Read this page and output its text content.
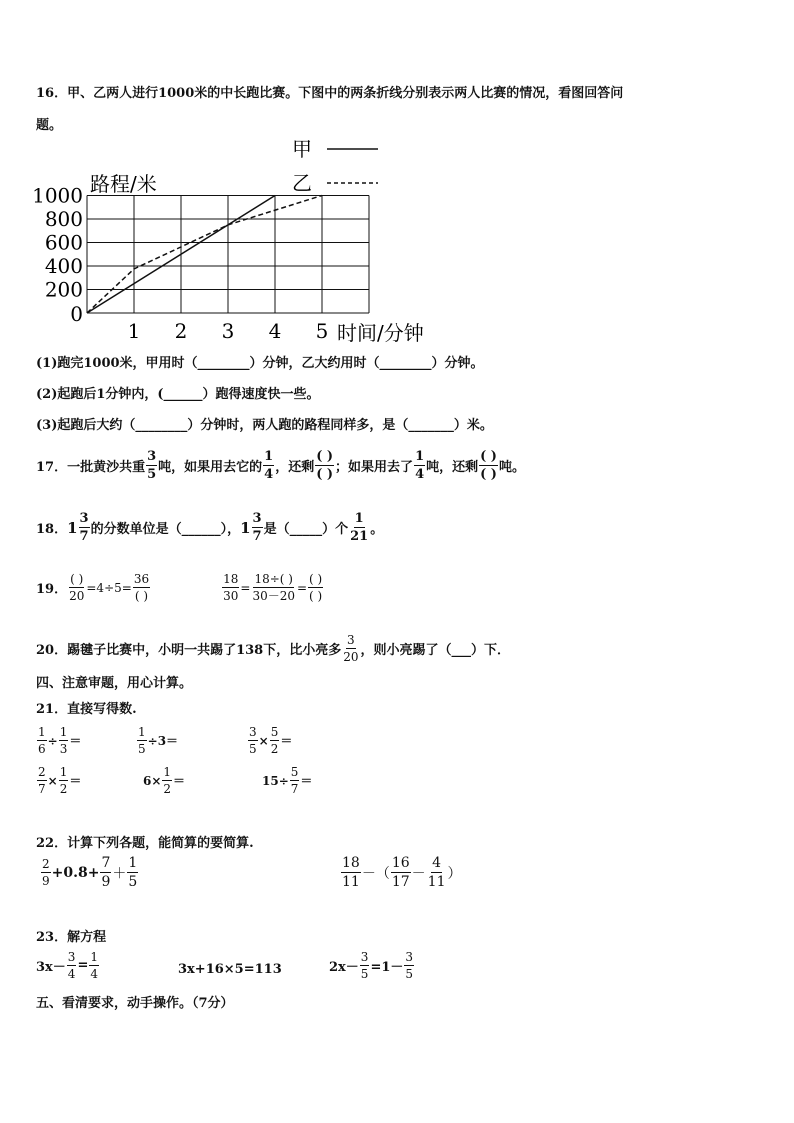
16．甲、乙两人进行1000米的中长跑比赛。下图中的两条折线分别表示两人比赛的情况，看图回答问
题。
0
200
400
600
800
1000
1 2 3 4 5
路程/米
时间/分钟
甲
乙
(1)跑完1000米，甲用时（________）分钟，乙大约用时（________）分钟。
(2)起跑后1分钟内，(______）跑得速度快一些。
(3)起跑后大约（________）分钟时，两人跑的路程同样多，是（_______）米。
17．一批黄沙共重
3
5 吨，如果用去它的
1
4 ，还剩
( )
( ) ；如果用去了
1
4 吨，还剩
( )
( ) 吨。
18． 1 3
7 的分数单位是（______）， 1 3
7 是（_____）个
1
21 。
19．
( )
20
=4÷5=
36
( )	$\frac{18}{30} = \frac{18\div( )}{30-20}$ =
( )
( )
20．踢毽子比赛中，小明一共踢了138下，比小亮多
3
20 ，则小亮踢了（___）下．
四、注意审题，用心计算。
21．直接写得数.
$\frac{1}{6} \div \frac{1}{3}$ ＝	$\frac{1}{5} \div 3=$	$\frac{3}{5} \times \frac{5}{2}$ ＝
$\frac{2}{7} \times \frac{1}{2}$ ＝	$6\times \frac{1}{2}$ ＝	$15\div \frac{5}{7}$ ＝
22．计算下列各题，能简算的要简算.
2
9
$+0.8+ \frac{7}{9}$ ＋
1
5
18
11
－（
16
17
－
4
11
）
23．解方程
$3x- \frac{3}{4} = \frac{1}{4}$	3x+16×5=113	$2x- \frac{3}{5} =1-$
3
5
五、看清要求，动手操作。（7分）
